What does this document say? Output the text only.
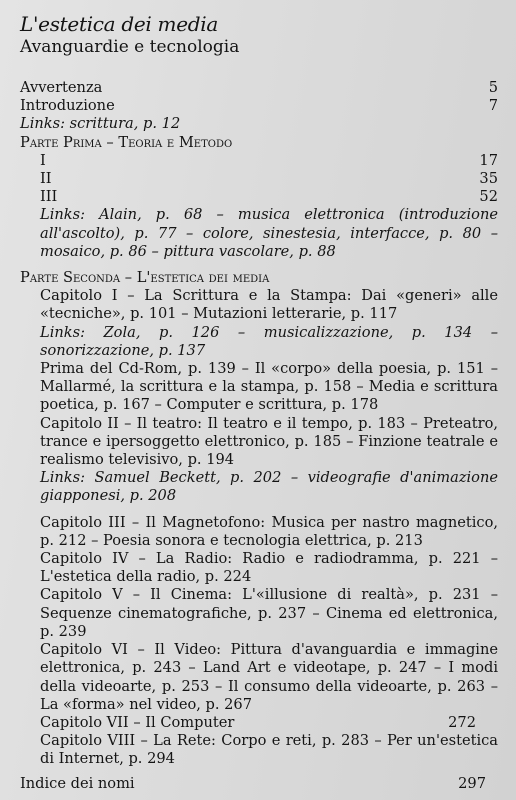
L'estetica dei media
Avanguardie e tecnologia
Avvertenza	5
Introduzione	7
Links: scrittura, p. 12
Parte Prima – Teoria e Metodo
I	17
II	35
III	52
Links: Alain, p. 68 – musica elettronica (introduzione all'ascolto), p. 77 – colore, sinestesia, interfacce, p. 80 – mosaico, p. 86 – pittura vascolare, p. 88
Parte Seconda – L'estetica dei media
Capitolo I – La Scrittura e la Stampa: Dai «generi» alle «tecniche», p. 101 – Mutazioni letterarie, p. 117
Links: Zola, p. 126 – musicalizzazione, p. 134 – sonorizzazione, p. 137
Prima del Cd-Rom, p. 139 – Il «corpo» della poesia, p. 151 – Mallarmé, la scrittura e la stampa, p. 158 – Media e scrittura poetica, p. 167 – Computer e scrittura, p. 178
Capitolo II – Il teatro: Il teatro e il tempo, p. 183 – Preteatro, trance e ipersoggetto elettronico, p. 185 – Finzione teatrale e realismo televisivo, p. 194
Links: Samuel Beckett, p. 202 – videografie d'animazione giapponesi, p. 208
Capitolo III – Il Magnetofono: Musica per nastro magnetico, p. 212 – Poesia sonora e tecnologia elettrica, p. 213
Capitolo IV – La Radio: Radio e radiodramma, p. 221 – L'estetica della radio, p. 224
Capitolo V – Il Cinema: L'«illusione di realtà», p. 231 – Sequenze cinematografiche, p. 237 – Cinema ed elettronica, p. 239
Capitolo VI – Il Video: Pittura d'avanguardia e immagine elettronica, p. 243 – Land Art e videotape, p. 247 – I modi della videoarte, p. 253 – Il consumo della videoarte, p. 263 – La «forma» nel video, p. 267
Capitolo VII – Il Computer	272
Capitolo VIII – La Rete: Corpo e reti, p. 283 – Per un'estetica di Internet, p. 294
Indice dei nomi	297
